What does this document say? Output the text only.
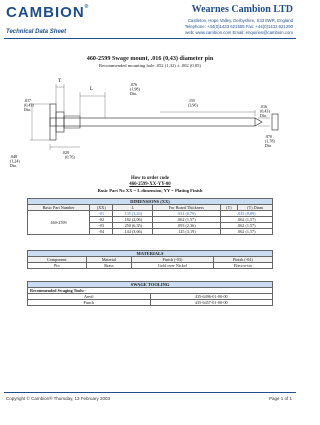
CAMBION®
Technical Data Sheet
Wearnes Cambion LTD
Castleton, Hope Valley, Derbyshire, S33 8WR, England
Telephone: +44(0)1433 621555 Fax: +44(0)1433 621290
web: www.cambion.com Email: enquiries@cambion.com
460-2599 Swage mount, .016 (0,43) diameter pin
Recommended mounting hole .052 (1,32) ± .002 (0,05)
L
T
.029 (0,76)
.155 (3,96)	.016 (0,43) Dia.
.070 (1,78) Dia.
.076 (1,98) Dia.
.017 (0,43) Dia.
.048 (1,24) Dia.
How to order code
460-2599-XX-YY-00
Basic Part No XX = L dimension, YY = Plating Finish
DIMENSIONS (XX)					
Basic Part Number	(XX)	L	For Board Thickness	(T)	(T) Diam
460-2599	-01	.135 (3,43)	.031 (0,79)	.035 (0,89)	
	-02	.182 (2,06)	.062 (1,57)	.062 (1,57)	
	-03	.250 (6,35)	.093 (2,36)	.062 (1,57)	
	-04	.144 (3,66)	.125 (3,19)	.062 (1,57)	
MATERIALS			
Component	Material	Finish (-03)	Finish (-04)
Pin	Brass	Gold over Nickel	Electro-tin
SWAGE TOOLING	
Recommended Swaging Tools:-	
Anvil	435-6496-01-00-00
Punch	435-6457-01-00-00
Copyright © Cambion® Thursday, 13 February 2003	Page 1 of 1
